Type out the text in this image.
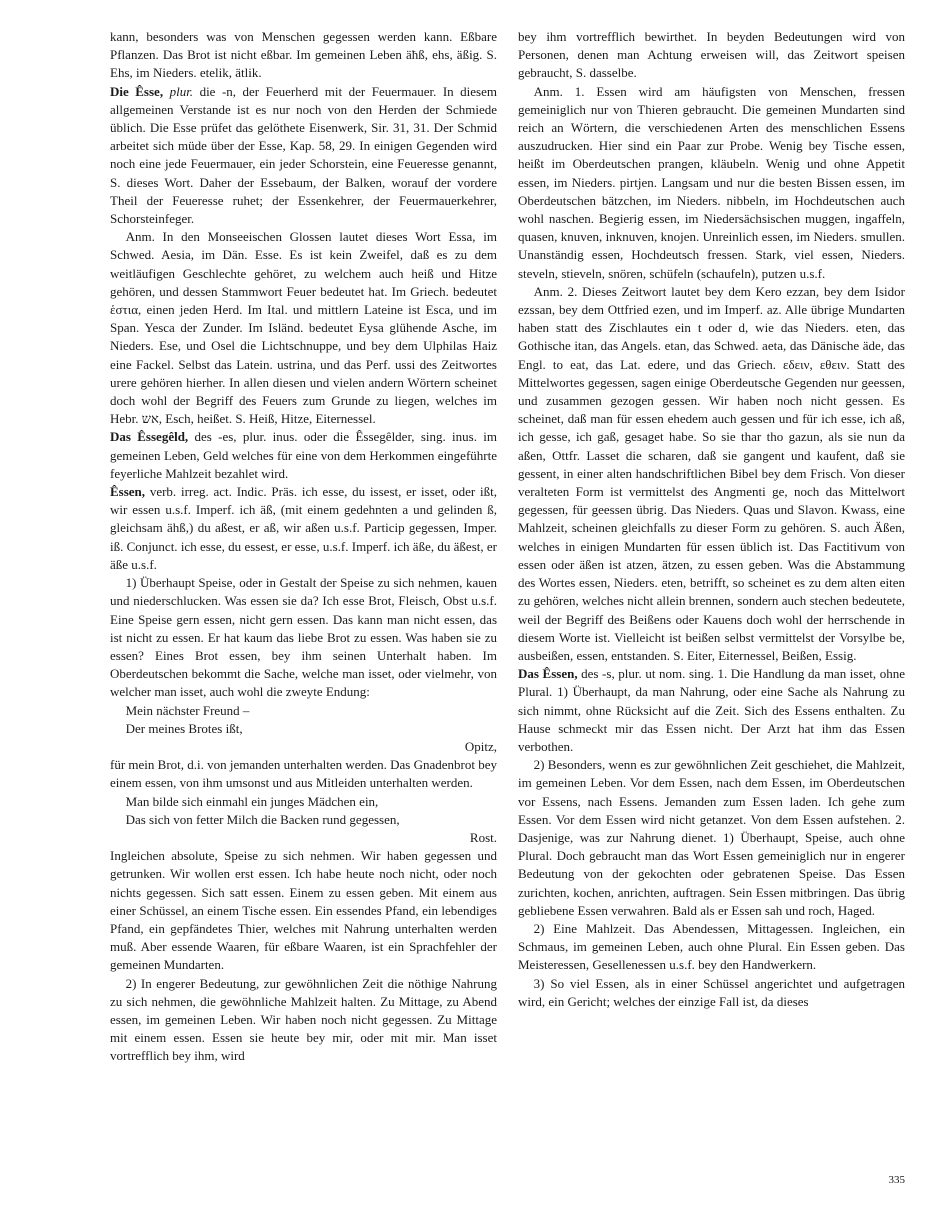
kann, besonders was von Menschen gegessen werden kann. Eßbare Pflanzen. Das Brot ist nicht eßbar. Im gemeinen Leben äħß, ehs, äßig. S. Ehs, im Nieders. etelik, ätlik.

Die Êsse, plur. die -n, der Feuerherd mit der Feuermauer. In diesem allgemeinen Verstande ist es nur noch von den Herden der Schmiede üblich. Die Esse prüfet das gelöthete Eisenwerk, Sir. 31, 31. Der Schmid arbeitet sich müde über der Esse, Kap. 58, 29. In einigen Gegenden wird noch eine jede Feuermauer, ein jeder Schorstein, eine Feueresse genannt, S. dieses Wort. Daher der Essebaum, der Balken, worauf der vordere Theil der Feueresse ruhet; der Essenkehrer, der Feuermauerkehrer, Schorsteinfeger.

Anm. In den Monseeischen Glossen lautet dieses Wort Essa, im Schwed. Aesia, im Dän. Esse. Es ist kein Zweifel, daß es zu dem weitläufigen Geschlechte gehöret, zu welchem auch heiß und Hitze gehören, und dessen Stammwort Feuer bedeutet hat. Im Griech. bedeutet ἑστια, einen jeden Herd. Im Ital. und mittlern Lateine ist Esca, und im Span. Yesca der Zunder. Im Isländ. bedeutet Eysa glühende Asche, im Nieders. Ese, und Osel die Lichtschnuppe, und bey dem Ulphilas Haiz eine Fackel. Selbst das Latein. ustrina, und das Perf. ussi des Zeitwortes urere gehören hierher. In allen diesen und vielen andern Wörtern scheinet doch wohl der Begriff des Feuers zum Grunde zu liegen, welches im Hebr. אש, Esch, heißet. S. Heiß, Hitze, Eiternessel.

Das Êssegêld, des -es, plur. inus. oder die Êssegêlder, sing. inus. im gemeinen Leben, Geld welches für eine von dem Herkommen eingeführte feyerliche Mahlzeit bezahlet wird.

Êssen, verb. irreg. act. Indic. Präs. ich esse, du issest, er isset, oder ißt, wir essen u.s.f. Imperf. ich äß, (mit einem gedehnten a und gelinden ß, gleichsam ähß,) du aßest, er aß, wir aßen u.s.f. Particip gegessen, Imper. iß. Conjunct. ich esse, du essest, er esse, u.s.f. Imperf. ich äße, du äßest, er äße u.s.f.

1) Überhaupt Speise, oder in Gestalt der Speise zu sich nehmen, kauen und niederschlucken. Was essen sie da? Ich esse Brot, Fleisch, Obst u.s.f. Eine Speise gern essen, nicht gern essen. Das kann man nicht essen, das ist nicht zu essen. Er hat kaum das liebe Brot zu essen. Was haben sie zu essen? Eines Brot essen, bey ihm seinen Unterhalt haben. Im Oberdeutschen bekommt die Sache, welche man isset, oder vielmehr, von welcher man isset, auch wohl die zweyte Endung:

Mein nächster Freund –

Der meines Brotes ißt,

Opitz,

für mein Brot, d.i. von jemanden unterhalten werden. Das Gnadenbrot bey einem essen, von ihm umsonst und aus Mitleiden unterhalten werden.

Man bilde sich einmahl ein junges Mädchen ein,

Das sich von fetter Milch die Backen rund gegessen,

Rost.

Ingleichen absolute, Speise zu sich nehmen. Wir haben gegessen und getrunken. Wir wollen erst essen. Ich habe heute noch nicht, oder noch nichts gegessen. Sich satt essen. Einem zu essen geben. Mit einem aus einer Schüssel, an einem Tische essen. Ein essendes Pfand, ein lebendiges Pfand, ein gepfändetes Thier, welches mit Nahrung unterhalten werden muß. Aber essende Waaren, für eßbare Waaren, ist ein Sprachfehler der gemeinen Mundarten.

2) In engerer Bedeutung, zur gewöhnlichen Zeit die nöthige Nahrung zu sich nehmen, die gewöhnliche Mahlzeit halten. Zu Mittage, zu Abend essen, im gemeinen Leben. Wir haben noch nicht gegessen. Zu Mittage mit einem essen. Essen sie heute bey mir, oder mit mir. Man isset vortrefflich bey ihm, wird

bey ihm vortrefflich bewirthet. In beyden Bedeutungen wird von Personen, denen man Achtung erweisen will, das Zeitwort speisen gebraucht, S. dasselbe.

Anm. 1. Essen wird am häufigsten von Menschen, fressen gemeiniglich nur von Thieren gebraucht. Die gemeinen Mundarten sind reich an Wörtern, die verschiedenen Arten des menschlichen Essens auszudrucken. Hier sind ein Paar zur Probe. Wenig bey Tische essen, heißt im Oberdeutschen prangen, kläubeln. Wenig und ohne Appetit essen, im Nieders. pirtjen. Langsam und nur die besten Bissen essen, im Oberdeutschen bätzchen, im Nieders. nibbeln, im Hochdeutschen auch wohl naschen. Begierig essen, im Niedersächsischen muggen, ingaffeln, quasen, knuven, inknuven, knojen. Unreinlich essen, im Nieders. smullen. Unanständig essen, Hochdeutsch fressen. Stark, viel essen, Nieders. steveln, stieveln, snören, schüfeln (schaufeln), putzen u.s.f.

Anm. 2. Dieses Zeitwort lautet bey dem Kero ezzan, bey dem Isidor ezssan, bey dem Ottfried ezen, und im Imperf. az. Alle übrige Mundarten haben statt des Zischlautes ein t oder d, wie das Nieders. eten, das Gothische itan, das Angels. etan, das Schwed. aeta, das Dänische äde, das Engl. to eat, das Lat. edere, und das Griech. εδειν, εθειν. Statt des Mittelwortes gegessen, sagen einige Oberdeutsche Gegenden nur geessen, und zusammen gezogen gessen. Wir haben noch nicht gessen. Es scheinet, daß man für essen ehedem auch gessen und für ich esse, ich aß, ich gesse, ich gaß, gesaget habe. So sie thar tho gazun, als sie nun da aßen, Ottfr. Lasset die scharen, daß sie gangent und kaufent, daß sie gessent, in einer alten handschriftlichen Bibel bey dem Frisch. Von dieser veralteten Form ist vermittelst des Angmenti ge, noch das Mittelwort gegessen, für geessen übrig. Das Nieders. Quas und Slavon. Kwass, eine Mahlzeit, scheinen gleichfalls zu dieser Form zu gehören. S. auch Äßen, welches in einigen Mundarten für essen üblich ist. Das Factitivum von essen oder äßen ist atzen, ätzen, zu essen geben. Was die Abstammung des Wortes essen, Nieders. eten, betrifft, so scheinet es zu dem alten eiten zu gehören, welches nicht allein brennen, sondern auch stechen bedeutete, weil der Begriff des Beißens oder Kauens doch wohl der herrschende in diesem Worte ist. Vielleicht ist beißen selbst vermittelst der Vorsylbe be, ausbeißen, essen, entstanden. S. Eiter, Eiternessel, Beißen, Essig.

Das Êssen, des -s, plur. ut nom. sing. 1. Die Handlung da man isset, ohne Plural. 1) Überhaupt, da man Nahrung, oder eine Sache als Nahrung zu sich nimmt, ohne Rücksicht auf die Zeit. Sich des Essens enthalten. Zu Hause schmeckt mir das Essen nicht. Der Arzt hat ihm das Essen verbothen.

2) Besonders, wenn es zur gewöhnlichen Zeit geschiehet, die Mahlzeit, im gemeinen Leben. Vor dem Essen, nach dem Essen, im Oberdeutschen vor Essens, nach Essens. Jemanden zum Essen laden. Ich gehe zum Essen. Vor dem Essen wird nicht getanzet. Von dem Essen aufstehen. 2. Dasjenige, was zur Nahrung dienet. 1) Überhaupt, Speise, auch ohne Plural. Doch gebraucht man das Wort Essen gemeiniglich nur in engerer Bedeutung von der gekochten oder gebratenen Speise. Das Essen zurichten, kochen, anrichten, auftragen. Sein Essen mitbringen. Das übrig gebliebene Essen verwahren. Bald als er Essen sah und roch, Haged.

2) Eine Mahlzeit. Das Abendessen, Mittagessen. Ingleichen, ein Schmaus, im gemeinen Leben, auch ohne Plural. Ein Essen geben. Das Meisteressen, Gesellenessen u.s.f. bey den Handwerkern.

3) So viel Essen, als in einer Schüssel angerichtet und aufgetragen wird, ein Gericht; welches der einzige Fall ist, da dieses

335
